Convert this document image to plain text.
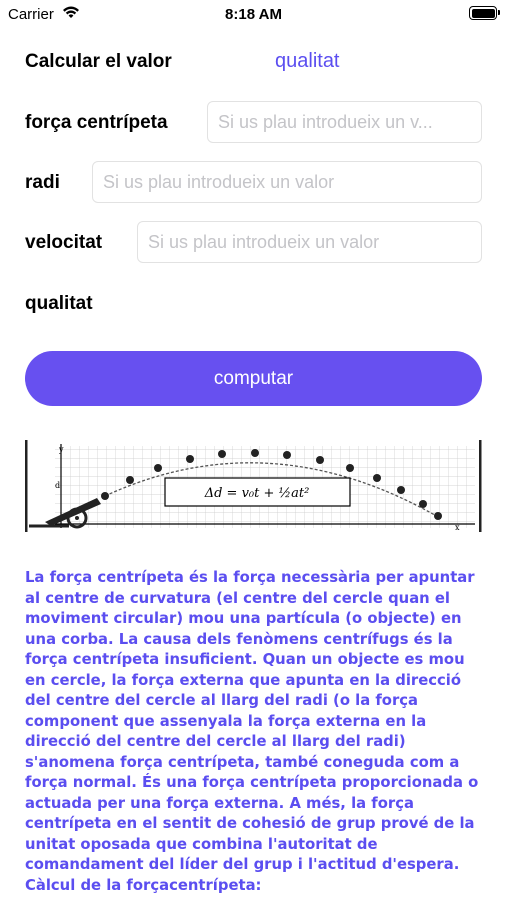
Carrier	8:18 AM
Calcular el valor	qualitat
força centrípeta
Si us plau introdueix un v...
radi
Si us plau introdueix un valor
velocitat
Si us plau introdueix un valor
qualitat
computar
Δd = v₀t + ½at²
y
d
x
La força centrípeta és la força necessària per apuntar
al centre de curvatura (el centre del cercle quan el
moviment circular) mou una partícula (o objecte) en
una corba. La causa dels fenòmens centrífugs és la
força centrípeta insuficient. Quan un objecte es mou
en cercle, la força externa que apunta en la direcció
del centre del cercle al llarg del radi (o la força
component que assenyala la força externa en la
direcció del centre del cercle al llarg del radi)
s'anomena força centrípeta, també coneguda com a
força normal. És una força centrípeta proporcionada o
actuada per una força externa. A més, la força
centrípeta en el sentit de cohesió de grup prové de la
unitat oposada que combina l'autoritat de
comandament del líder del grup i l'actitud d'espera.
Càlcul de la forçacentrípeta:
